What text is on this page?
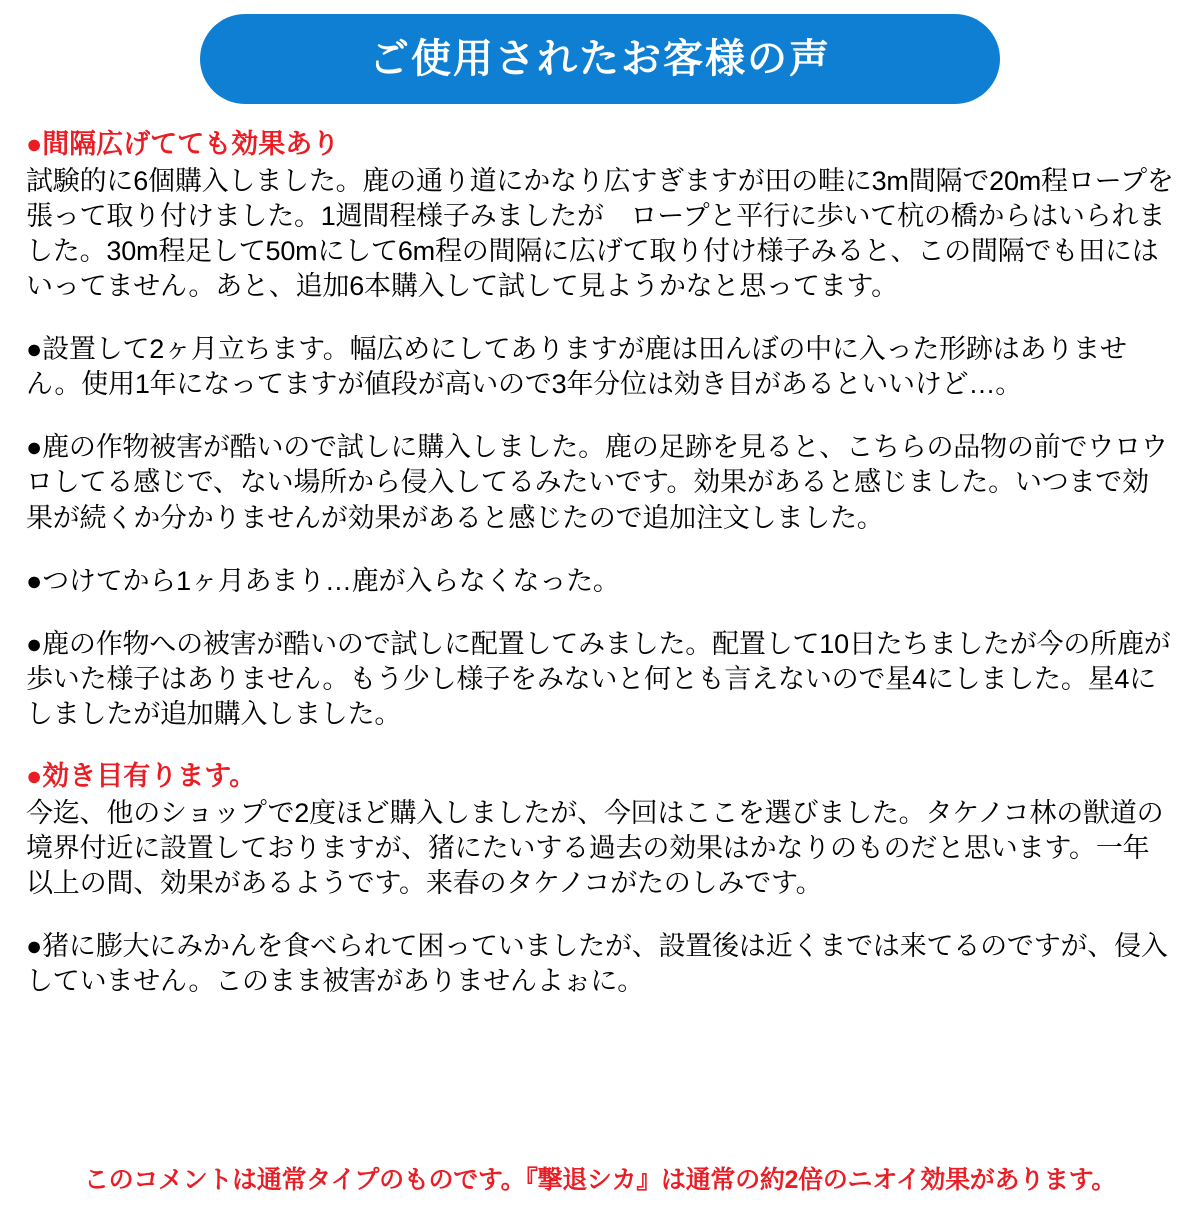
ご使用されたお客様の声

●間隔広げてても効果あり

試験的に6個購入しました。鹿の通り道にかなり広すぎますが田の畦に3m間隔で20m程ロープを張って取り付けました。1週間程様子みましたが　ロープと平行に歩いて杭の橋からはいられました。30m程足して50mにして6m程の間隔に広げて取り付け様子みると、この間隔でも田にはいってません。あと、追加6本購入して試して見ようかなと思ってます。

●設置して2ヶ月立ちます。幅広めにしてありますが鹿は田んぼの中に入った形跡はありません。使用1年になってますが値段が高いので3年分位は効き目があるといいけど…。

●鹿の作物被害が酷いので試しに購入しました。鹿の足跡を見ると、こちらの品物の前でウロウロしてる感じで、ない場所から侵入してるみたいです。効果があると感じました。いつまで効果が続くか分かりませんが効果があると感じたので追加注文しました。

●つけてから1ヶ月あまり…鹿が入らなくなった。

●鹿の作物への被害が酷いので試しに配置してみました。配置して10日たちましたが今の所鹿が歩いた様子はありません。もう少し様子をみないと何とも言えないので星4にしました。星4にしましたが追加購入しました。

●効き目有ります。

今迄、他のショップで2度ほど購入しましたが、今回はここを選びました。タケノコ林の獣道の境界付近に設置しておりますが、猪にたいする過去の効果はかなりのものだと思います。一年以上の間、効果があるようです。来春のタケノコがたのしみです。

●猪に膨大にみかんを食べられて困っていましたが、設置後は近くまでは来てるのですが、侵入していません。このまま被害がありませんよぉに。

このコメントは通常タイプのものです。『撃退シカ』は通常の約2倍のニオイ効果があります。
